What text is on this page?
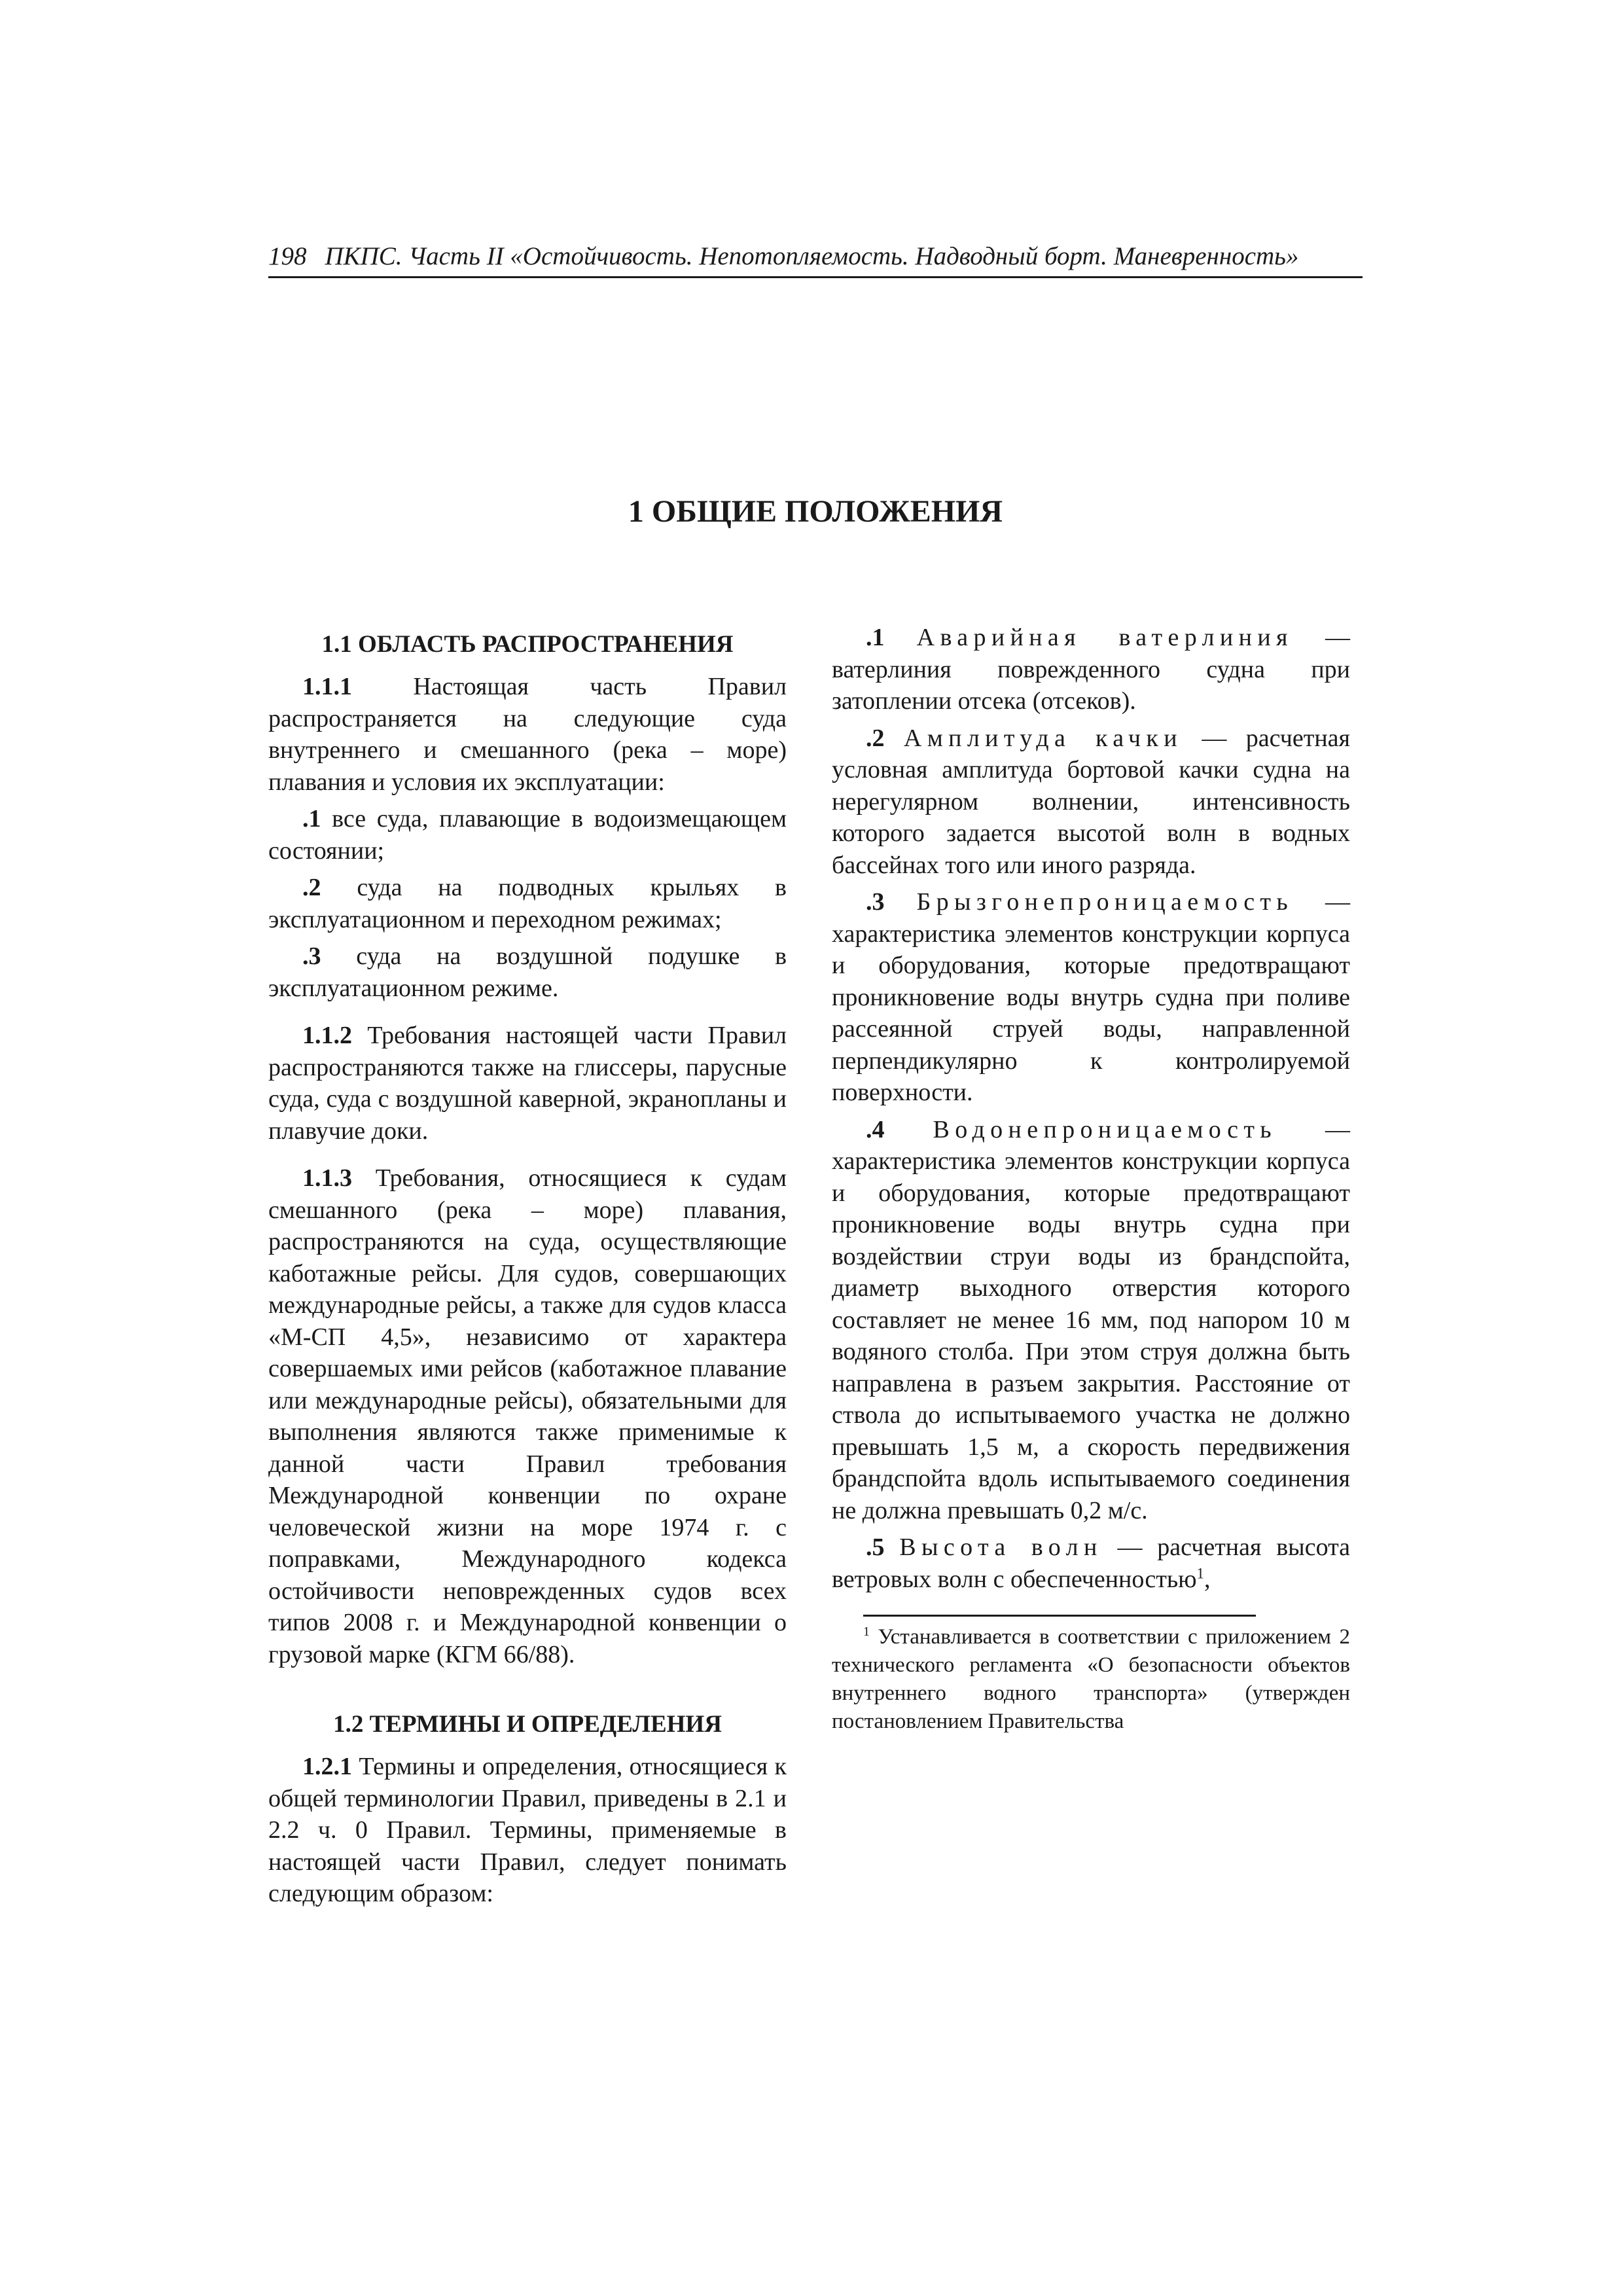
198 ПКПС. Часть II «Остойчивость. Непотопляемость. Надводный борт. Маневренность»
1 ОБЩИЕ ПОЛОЖЕНИЯ
1.1 ОБЛАСТЬ РАСПРОСТРАНЕНИЯ

1.1.1 Настоящая часть Правил распространяется на следующие суда внутреннего и смешанного (река – море) плавания и условия их эксплуатации:

.1 все суда, плавающие в водоизмещающем состоянии;

.2 суда на подводных крыльях в эксплуатационном и переходном режимах;

.3 суда на воздушной подушке в эксплуатационном режиме.

1.1.2 Требования настоящей части Правил распространяются также на глиссеры, парусные суда, суда с воздушной каверной, экранопланы и плавучие доки.

1.1.3 Требования, относящиеся к судам смешанного (река – море) плавания, распространяются на суда, осуществляющие каботажные рейсы. Для судов, совершающих международные рейсы, а также для судов класса «М-СП 4,5», независимо от характера совершаемых ими рейсов (каботажное плавание или международные рейсы), обязательными для выполнения являются также применимые к данной части Правил требования Международной конвенции по охране человеческой жизни на море 1974 г. с поправками, Международного кодекса остойчивости неповрежденных судов всех типов 2008 г. и Международной конвенции о грузовой марке (КГМ 66/88).

1.2 ТЕРМИНЫ И ОПРЕДЕЛЕНИЯ

1.2.1 Термины и определения, относящиеся к общей терминологии Правил, приведены в 2.1 и 2.2 ч. 0 Правил. Термины, применяемые в настоящей части Правил, следует понимать следующим образом:

.1 Аварийная ватерлиния — ватерлиния поврежденного судна при затоплении отсека (отсеков).

.2 Амплитуда качки — расчетная условная амплитуда бортовой качки судна на нерегулярном волнении, интенсивность которого задается высотой волн в водных бассейнах того или иного разряда.

.3 Брызгонепроницаемость — характеристика элементов конструкции корпуса и оборудования, которые предотвращают проникновение воды внутрь судна при поливе рассеянной струей воды, направленной перпендикулярно к контролируемой поверхности.

.4 Водонепроницаемость — характеристика элементов конструкции корпуса и оборудования, которые предотвращают проникновение воды внутрь судна при воздействии струи воды из брандспойта, диаметр выходного отверстия которого составляет не менее 16 мм, под напором 10 м водяного столба. При этом струя должна быть направлена в разъем закрытия. Расстояние от ствола до испытываемого участка не должно превышать 1,5 м, а скорость передвижения брандспойта вдоль испытываемого соединения не должна превышать 0,2 м/с.

.5 Высота волн — расчетная высота ветровых волн с обеспеченностью$^1$,

$^1$ Устанавливается в соответствии с приложением 2 технического регламента «О безопасности объектов внутреннего водного транспорта» (утвержден постановлением Правительства
